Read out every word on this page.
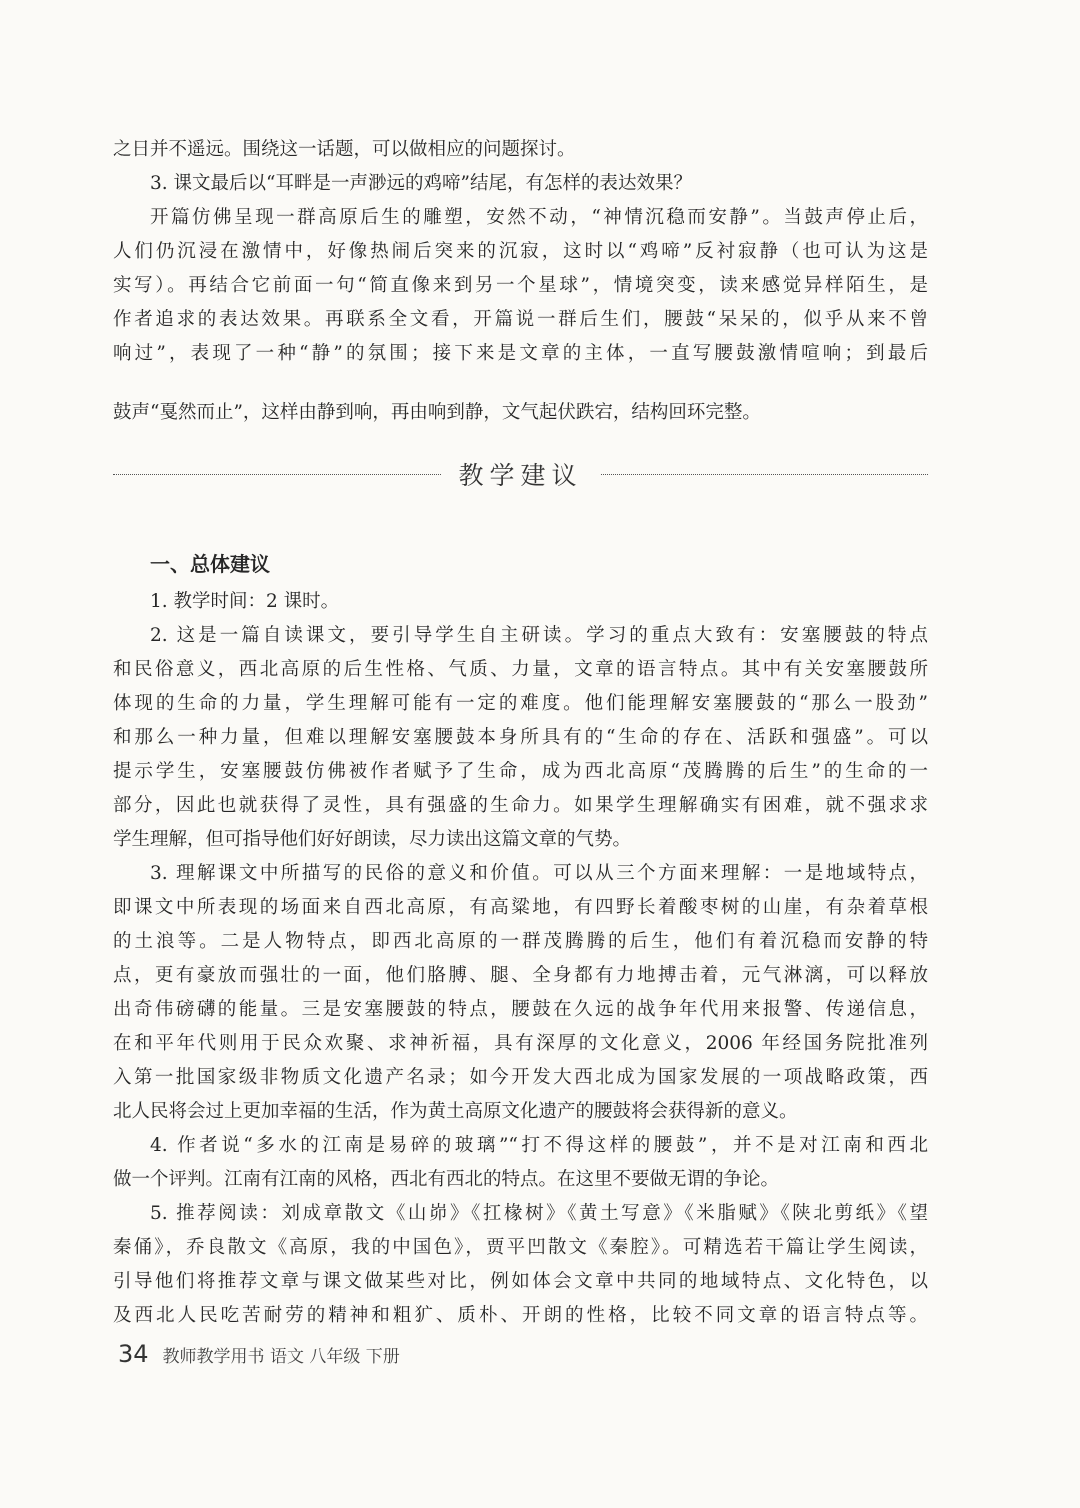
之日并不遥远。围绕这一话题，可以做相应的问题探讨。
3. 课文最后以“耳畔是一声渺远的鸡啼”结尾，有怎样的表达效果？
开篇仿佛呈现一群高原后生的雕塑，安然不动，“神情沉稳而安静”。当鼓声停止后，
人们仍沉浸在激情中，好像热闹后突来的沉寂，这时以“鸡啼”反衬寂静（也可认为这是
实写）。再结合它前面一句“简直像来到另一个星球”，情境突变，读来感觉异样陌生，是
作者追求的表达效果。再联系全文看，开篇说一群后生们，腰鼓“呆呆的，似乎从来不曾
响过”，表现了一种“静”的氛围；接下来是文章的主体，一直写腰鼓激情喧响；到最后
鼓声“戛然而止”，这样由静到响，再由响到静，文气起伏跌宕，结构回环完整。
教学建议
一、总体建议
1. 教学时间：2 课时。
2. 这是一篇自读课文，要引导学生自主研读。学习的重点大致有：安塞腰鼓的特点
和民俗意义，西北高原的后生性格、气质、力量，文章的语言特点。其中有关安塞腰鼓所
体现的生命的力量，学生理解可能有一定的难度。他们能理解安塞腰鼓的“那么一股劲”
和那么一种力量，但难以理解安塞腰鼓本身所具有的“生命的存在、活跃和强盛”。可以
提示学生，安塞腰鼓仿佛被作者赋予了生命，成为西北高原“茂腾腾的后生”的生命的一
部分，因此也就获得了灵性，具有强盛的生命力。如果学生理解确实有困难，就不强求求
学生理解，但可指导他们好好朗读，尽力读出这篇文章的气势。
3. 理解课文中所描写的民俗的意义和价值。可以从三个方面来理解：一是地域特点，
即课文中所表现的场面来自西北高原，有高粱地，有四野长着酸枣树的山崖，有杂着草根
的土浪等。二是人物特点，即西北高原的一群茂腾腾的后生，他们有着沉稳而安静的特
点，更有豪放而强壮的一面，他们胳膊、腿、全身都有力地搏击着，元气淋漓，可以释放
出奇伟磅礴的能量。三是安塞腰鼓的特点，腰鼓在久远的战争年代用来报警、传递信息，
在和平年代则用于民众欢聚、求神祈福，具有深厚的文化意义，2006 年经国务院批准列
入第一批国家级非物质文化遗产名录；如今开发大西北成为国家发展的一项战略政策，西
北人民将会过上更加幸福的生活，作为黄土高原文化遗产的腰鼓将会获得新的意义。
4. 作者说“多水的江南是易碎的玻璃”“打不得这样的腰鼓”，并不是对江南和西北
做一个评判。江南有江南的风格，西北有西北的特点。在这里不要做无谓的争论。
5. 推荐阅读：刘成章散文《山峁》《扛椽树》《黄土写意》《米脂赋》《陕北剪纸》《望
秦俑》，乔良散文《高原，我的中国色》，贾平凹散文《秦腔》。可精选若干篇让学生阅读，
引导他们将推荐文章与课文做某些对比，例如体会文章中共同的地域特点、文化特色，以
及西北人民吃苦耐劳的精神和粗犷、质朴、开朗的性格，比较不同文章的语言特点等。
34 教师教学用书 语文 八年级 下册
